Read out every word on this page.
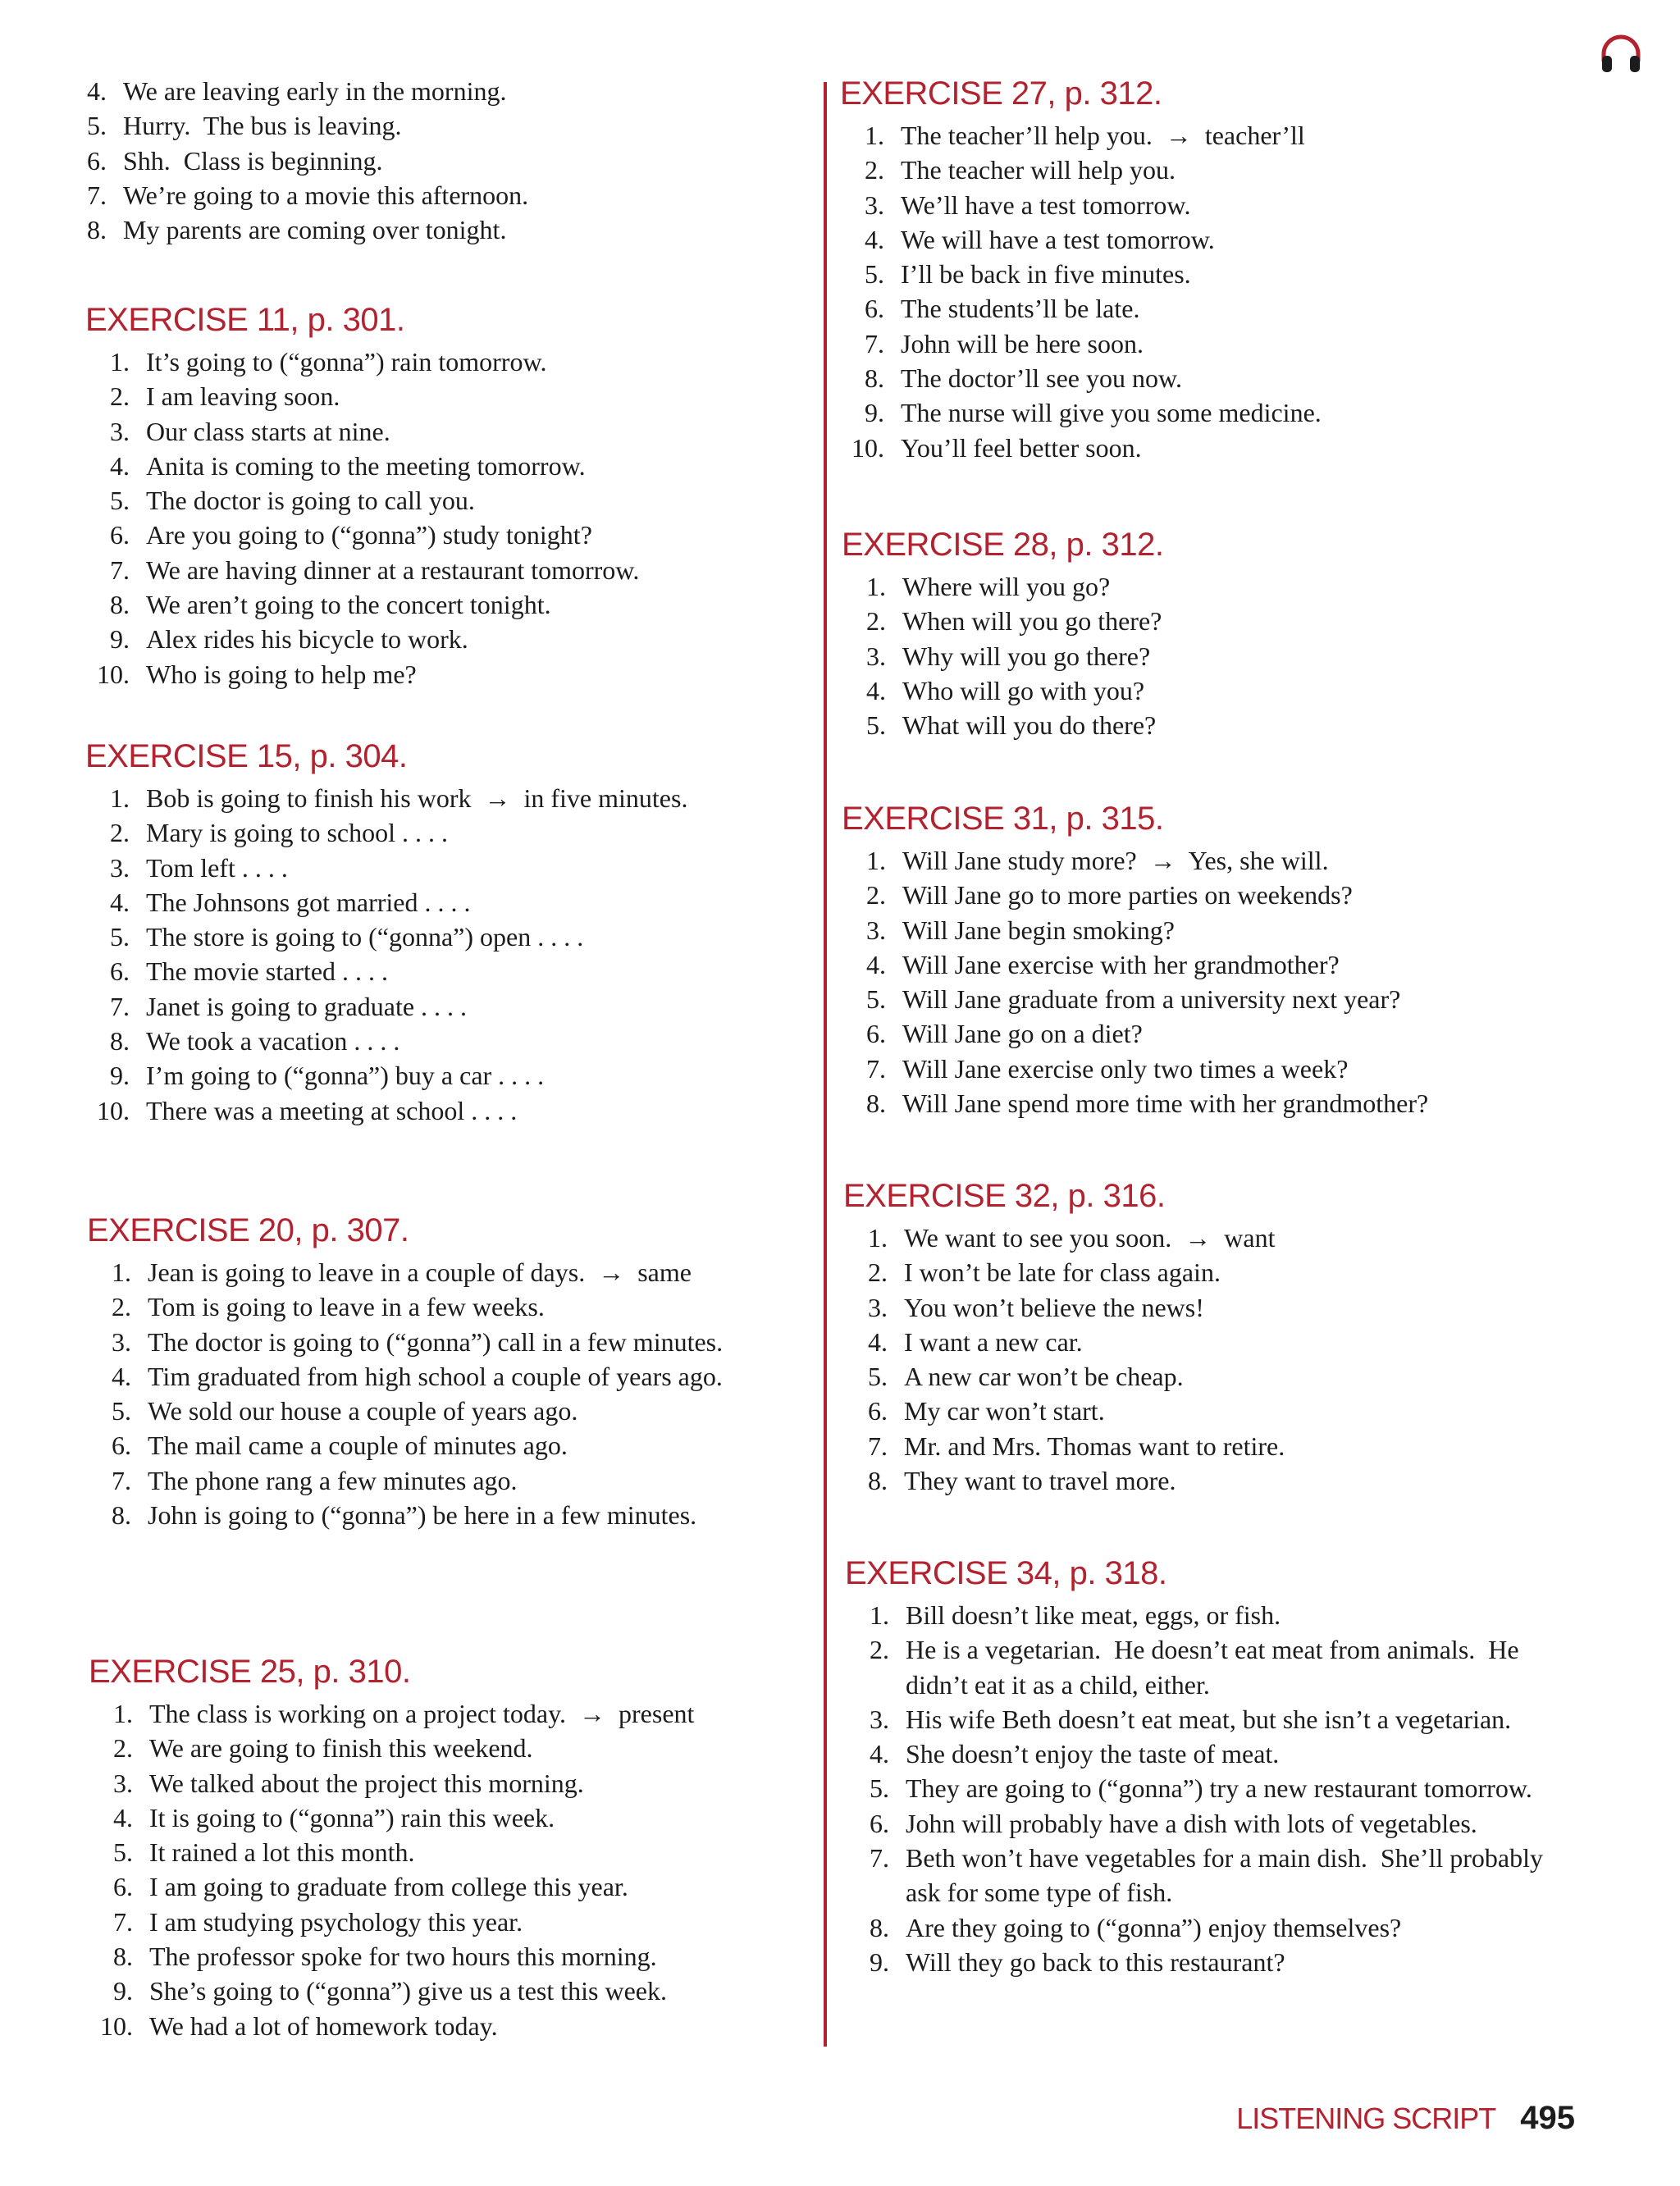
4. We are leaving early in the morning.
5. Hurry.  The bus is leaving.
6. Shh.  Class is beginning.
7. We’re going to a movie this afternoon.
8. My parents are coming over tonight.
EXERCISE 11, p. 301.
1. It’s going to (“gonna”) rain tomorrow.
2. I am leaving soon.
3. Our class starts at nine.
4. Anita is coming to the meeting tomorrow.
5. The doctor is going to call you.
6. Are you going to (“gonna”) study tonight?
7. We are having dinner at a restaurant tomorrow.
8. We aren’t going to the concert tonight.
9. Alex rides his bicycle to work.
10. Who is going to help me?
EXERCISE 15, p. 304.
1. Bob is going to finish his work  →  in five minutes.
2. Mary is going to school . . . .
3. Tom left . . . .
4. The Johnsons got married . . . .
5. The store is going to (“gonna”) open . . . .
6. The movie started . . . .
7. Janet is going to graduate . . . .
8. We took a vacation . . . .
9. I’m going to (“gonna”) buy a car . . . .
10. There was a meeting at school . . . .
EXERCISE 20, p. 307.
1. Jean is going to leave in a couple of days.  →  same
2. Tom is going to leave in a few weeks.
3. The doctor is going to (“gonna”) call in a few minutes.
4. Tim graduated from high school a couple of years ago.
5. We sold our house a couple of years ago.
6. The mail came a couple of minutes ago.
7. The phone rang a few minutes ago.
8. John is going to (“gonna”) be here in a few minutes.
EXERCISE 25, p. 310.
1. The class is working on a project today.  →  present
2. We are going to finish this weekend.
3. We talked about the project this morning.
4. It is going to (“gonna”) rain this week.
5. It rained a lot this month.
6. I am going to graduate from college this year.
7. I am studying psychology this year.
8. The professor spoke for two hours this morning.
9. She’s going to (“gonna”) give us a test this week.
10. We had a lot of homework today.
EXERCISE 27, p. 312.
1. The teacher’ll help you.  →  teacher’ll
2. The teacher will help you.
3. We’ll have a test tomorrow.
4. We will have a test tomorrow.
5. I’ll be back in five minutes.
6. The students’ll be late.
7. John will be here soon.
8. The doctor’ll see you now.
9. The nurse will give you some medicine.
10. You’ll feel better soon.
EXERCISE 28, p. 312.
1. Where will you go?
2. When will you go there?
3. Why will you go there?
4. Who will go with you?
5. What will you do there?
EXERCISE 31, p. 315.
1. Will Jane study more?  →  Yes, she will.
2. Will Jane go to more parties on weekends?
3. Will Jane begin smoking?
4. Will Jane exercise with her grandmother?
5. Will Jane graduate from a university next year?
6. Will Jane go on a diet?
7. Will Jane exercise only two times a week?
8. Will Jane spend more time with her grandmother?
EXERCISE 32, p. 316.
1. We want to see you soon.  →  want
2. I won’t be late for class again.
3. You won’t believe the news!
4. I want a new car.
5. A new car won’t be cheap.
6. My car won’t start.
7. Mr. and Mrs. Thomas want to retire.
8. They want to travel more.
EXERCISE 34, p. 318.
1. Bill doesn’t like meat, eggs, or fish.
2. He is a vegetarian.  He doesn’t eat meat from animals.  He didn’t eat it as a child, either.
3. His wife Beth doesn’t eat meat, but she isn’t a vegetarian.
4. She doesn’t enjoy the taste of meat.
5. They are going to (“gonna”) try a new restaurant tomorrow.
6. John will probably have a dish with lots of vegetables.
7. Beth won’t have vegetables for a main dish.  She’ll probably ask for some type of fish.
8. Are they going to (“gonna”) enjoy themselves?
9. Will they go back to this restaurant?
LISTENING SCRIPT 495
